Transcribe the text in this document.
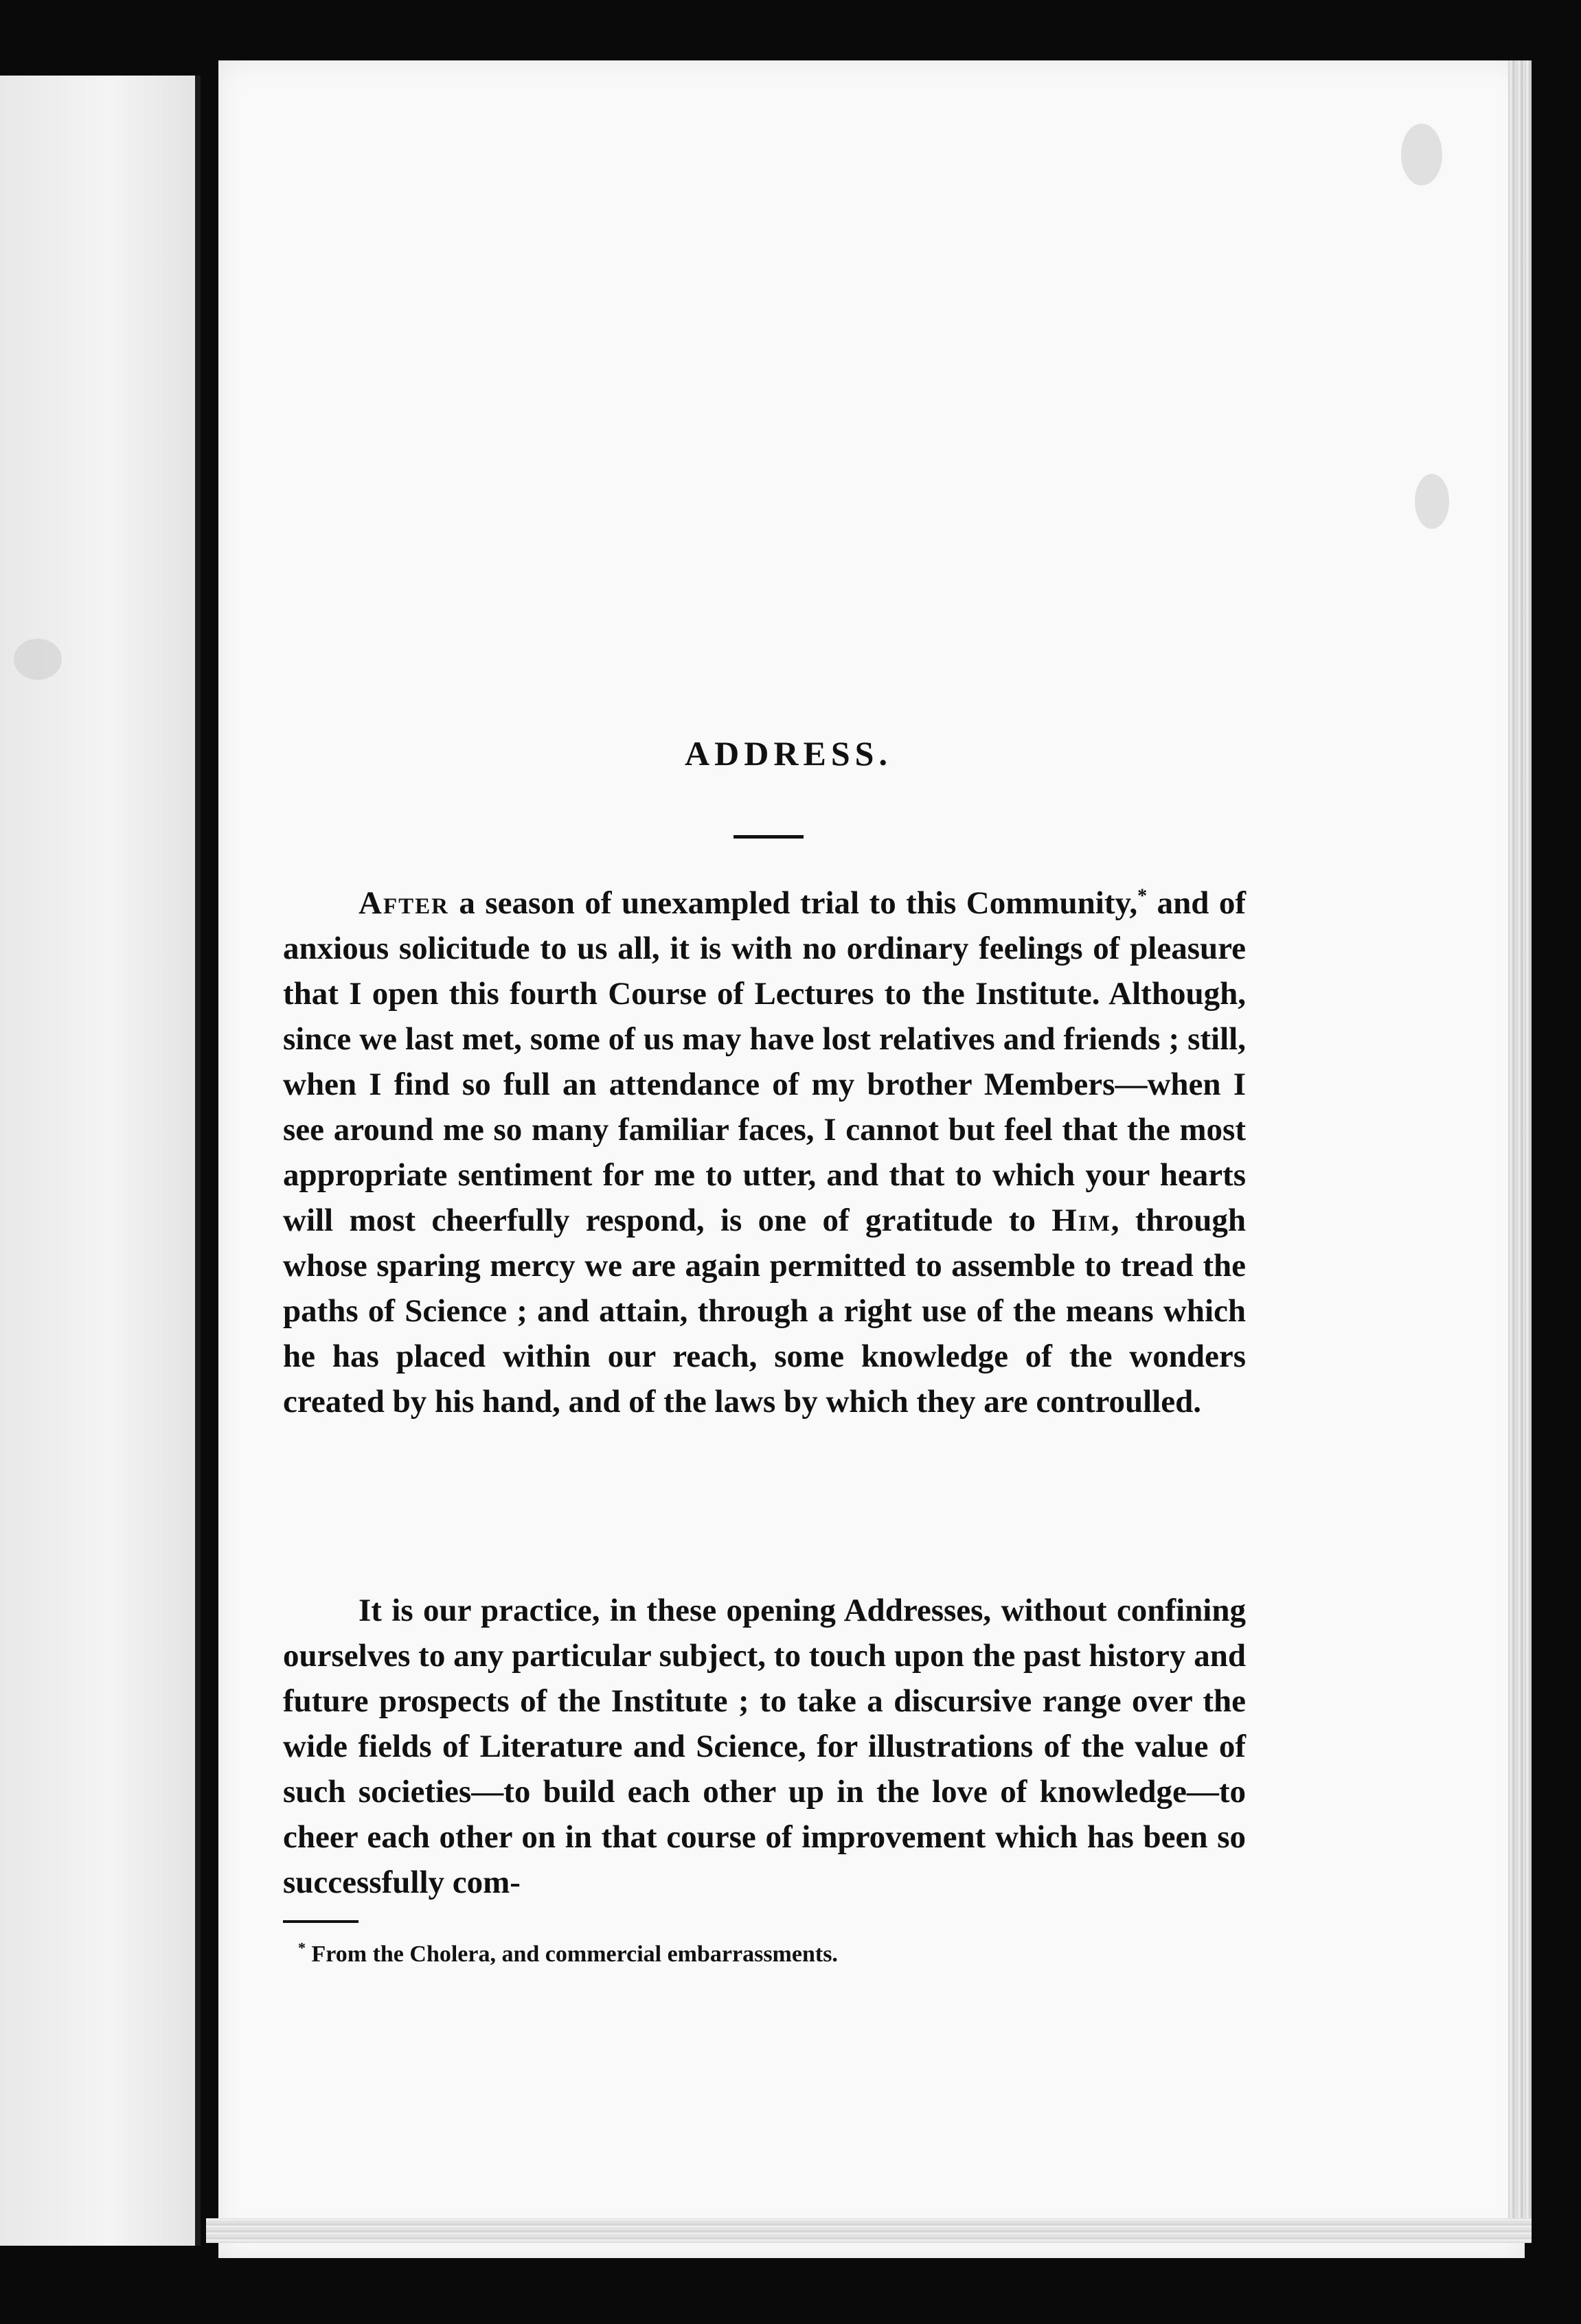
ADDRESS.

After a season of unexampled trial to this Community,* and of anxious solicitude to us all, it is with no ordinary feelings of pleasure that I open this fourth Course of Lectures to the Institute. Although, since we last met, some of us may have lost relatives and friends ; still, when I find so full an attendance of my brother Members—when I see around me so many familiar faces, I cannot but feel that the most appropriate sentiment for me to utter, and that to which your hearts will most cheerfully respond, is one of gratitude to Him, through whose sparing mercy we are again permitted to assemble to tread the paths of Science ; and attain, through a right use of the means which he has placed within our reach, some knowledge of the wonders created by his hand, and of the laws by which they are controulled.

It is our practice, in these opening Addresses, without confining ourselves to any particular subject, to touch upon the past history and future prospects of the Institute ; to take a discursive range over the wide fields of Literature and Science, for illustrations of the value of such societies—to build each other up in the love of knowledge—to cheer each other on in that course of improvement which has been so successfully com-

* From the Cholera, and commercial embarrassments.
